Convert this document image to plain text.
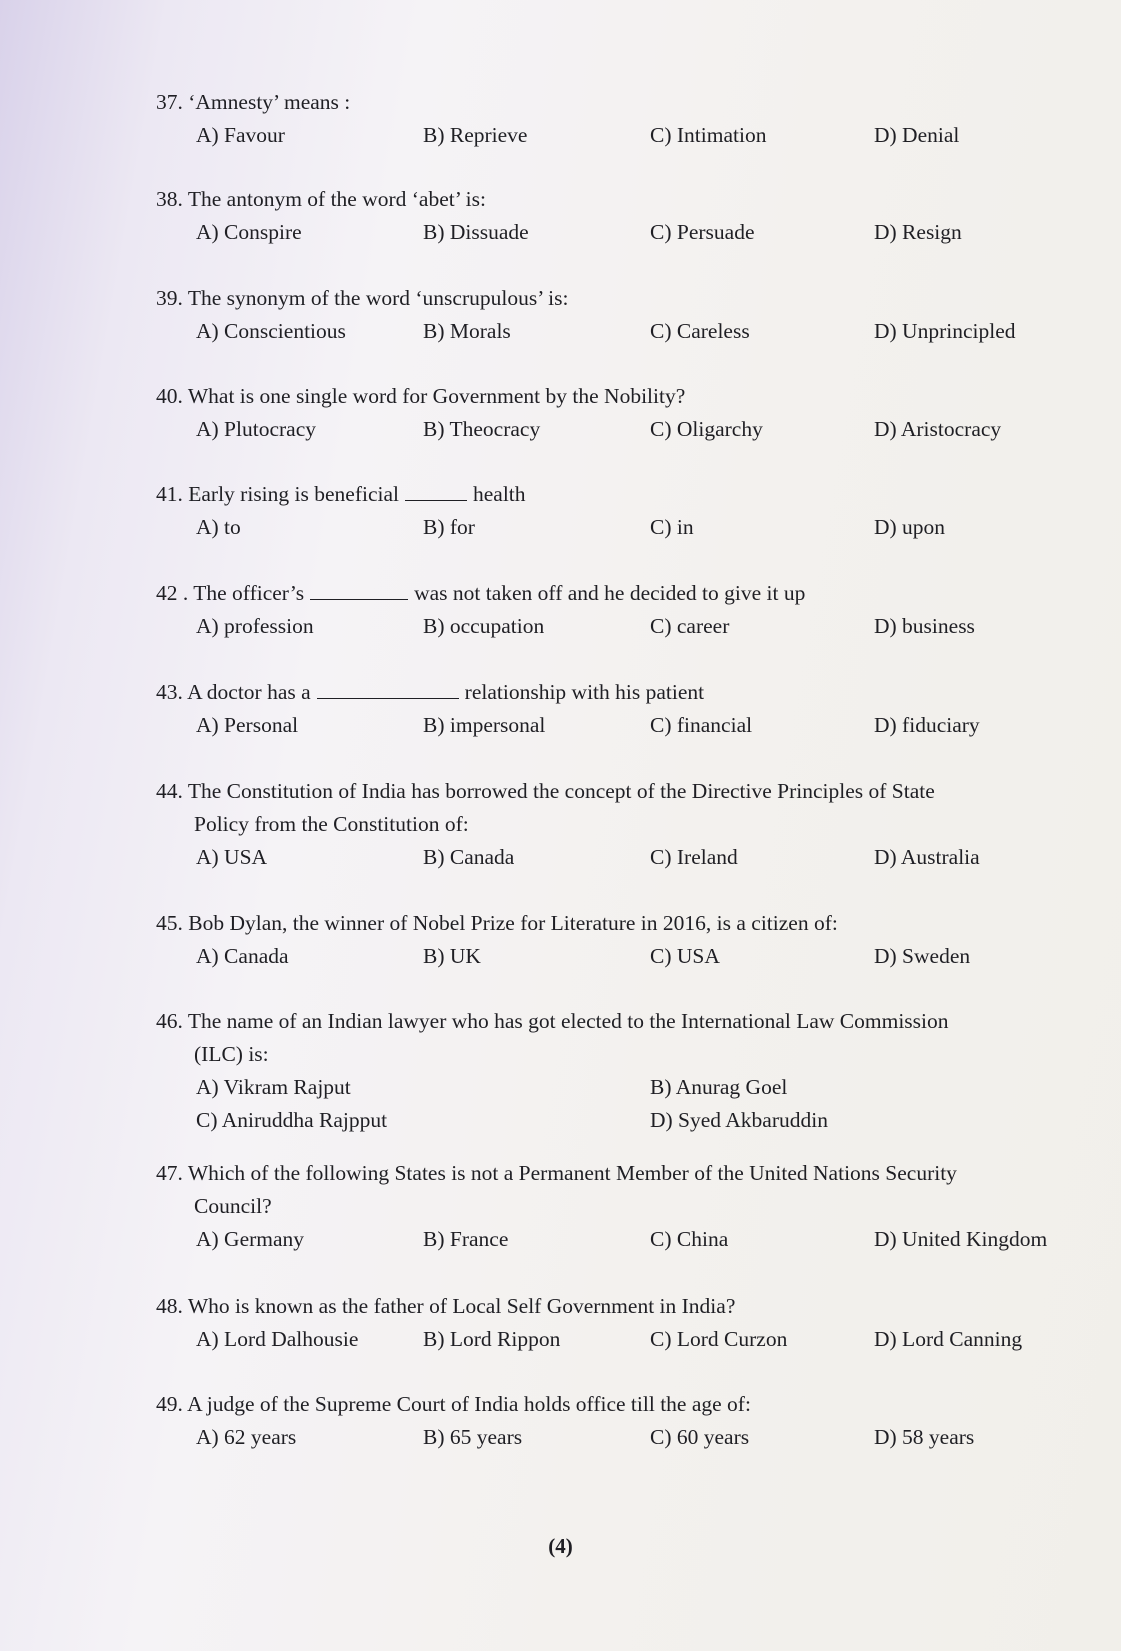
37. ‘Amnesty’ means :
A) Favour	B) Reprieve	C) Intimation	D) Denial
38. The antonym of the word ‘abet’ is:
A) Conspire	B) Dissuade	C) Persuade	D) Resign
39. The synonym of the word ‘unscrupulous’ is:
A) Conscientious	B) Morals	C) Careless	D) Unprincipled
40. What is one single word for Government by the Nobility?
A) Plutocracy	B) Theocracy	C) Oligarchy	D) Aristocracy
41. Early rising is beneficial	health
A) to	B) for	C) in	D) upon
42 . The officer’s	was not taken off and he decided to give it up
A) profession	B) occupation	C) career	D) business
43. A doctor has a	relationship with his patient
A) Personal	B) impersonal	C) financial	D) fiduciary
44. The Constitution of India has borrowed the concept of the Directive Principles of State
Policy from the Constitution of:
A) USA	B) Canada	C) Ireland	D) Australia
45. Bob Dylan, the winner of Nobel Prize for Literature in 2016, is a citizen of:
A) Canada	B) UK	C) USA	D) Sweden
46. The name of an Indian lawyer who has got elected to the International Law Commission
(ILC) is:
A) Vikram Rajput	B) Anurag Goel
C) Aniruddha Rajpput	D) Syed Akbaruddin
47. Which of the following States is not a Permanent Member of the United Nations Security
Council?
A) Germany	B) France	C) China	D) United Kingdom
48. Who is known as the father of Local Self Government in India?
A) Lord Dalhousie	B) Lord Rippon	C) Lord Curzon	D) Lord Canning
49. A judge of the Supreme Court of India holds office till the age of:
A) 62 years	B) 65 years	C) 60 years	D) 58 years
(4)
